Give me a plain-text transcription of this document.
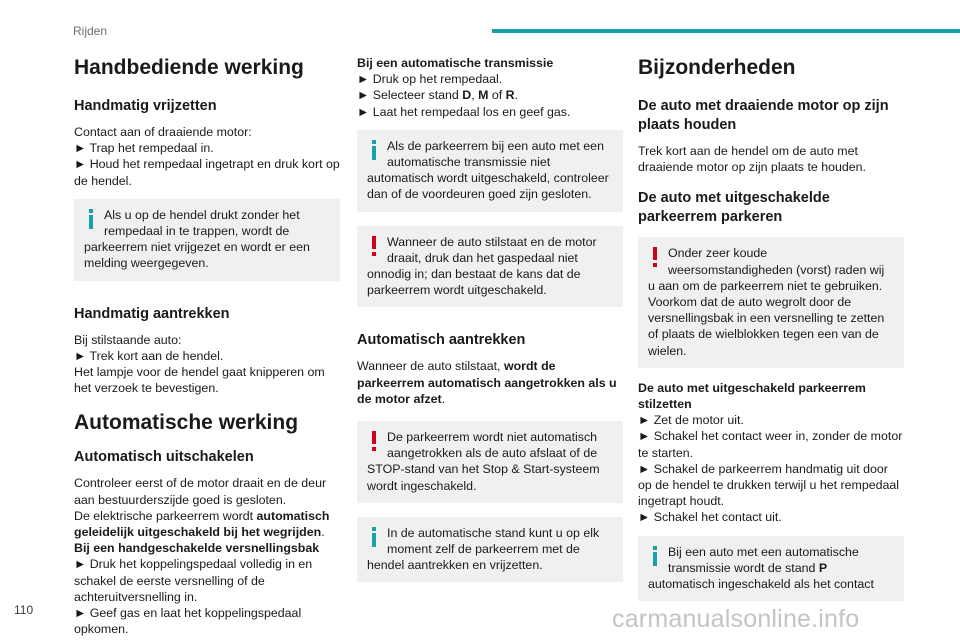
Rijden
Handbediende werking
Handmatig vrijzetten

Contact aan of draaiende motor:

► Trap het rempedaal in.

► Houd het rempedaal ingetrapt en druk kort op de hendel.

Als u op de hendel drukt zonder het rempedaal in te trappen, wordt de parkeerrem niet vrijgezet en wordt er een melding weergegeven.

Handmatig aantrekken

Bij stilstaande auto:

► Trek kort aan de hendel.

Het lampje voor de hendel gaat knipperen om het verzoek te bevestigen.

Automatische werking
Automatisch uitschakelen

Controleer eerst of de motor draait en de deur aan bestuurderszijde goed is gesloten.

De elektrische parkeerrem wordt automatisch geleidelijk uitgeschakeld bij het wegrijden.

Bij een handgeschakelde versnellingsbak

► Druk het koppelingspedaal volledig in en schakel de eerste versnelling of de achteruitversnelling in.

► Geef gas en laat het koppelingspedaal opkomen.

Bij een automatische transmissie

► Druk op het rempedaal.

► Selecteer stand D, M of R.

► Laat het rempedaal los en geef gas.

Als de parkeerrem bij een auto met een automatische transmissie niet automatisch wordt uitgeschakeld, controleer dan of de voordeuren goed zijn gesloten.

Wanneer de auto stilstaat en de motor draait, druk dan het gaspedaal niet onnodig in; dan bestaat de kans dat de parkeerrem wordt uitgeschakeld.

Automatisch aantrekken

Wanneer de auto stilstaat, wordt de parkeerrem automatisch aangetrokken als u de motor afzet.

De parkeerrem wordt niet automatisch aangetrokken als de auto afslaat of de STOP-stand van het Stop & Start-systeem wordt ingeschakeld.

In de automatische stand kunt u op elk moment zelf de parkeerrem met de hendel aantrekken en vrijzetten.

Bijzonderheden
De auto met draaiende motor op zijn plaats houden

Trek kort aan de hendel om de auto met draaiende motor op zijn plaats te houden.

De auto met uitgeschakelde parkeerrem parkeren

Onder zeer koude weersomstandigheden (vorst) raden wij u aan om de parkeerrem niet te gebruiken.

Voorkom dat de auto wegrolt door de versnellingsbak in een versnelling te zetten of plaats de wielblokken tegen een van de wielen.

De auto met uitgeschakeld parkeerrem stilzetten

► Zet de motor uit.

► Schakel het contact weer in, zonder de motor te starten.

► Schakel de parkeerrem handmatig uit door op de hendel te drukken terwijl u het rempedaal ingetrapt houdt.

► Schakel het contact uit.

Bij een auto met een automatische transmissie wordt de stand P automatisch ingeschakeld als het contact

110	carmanualsonline.info
